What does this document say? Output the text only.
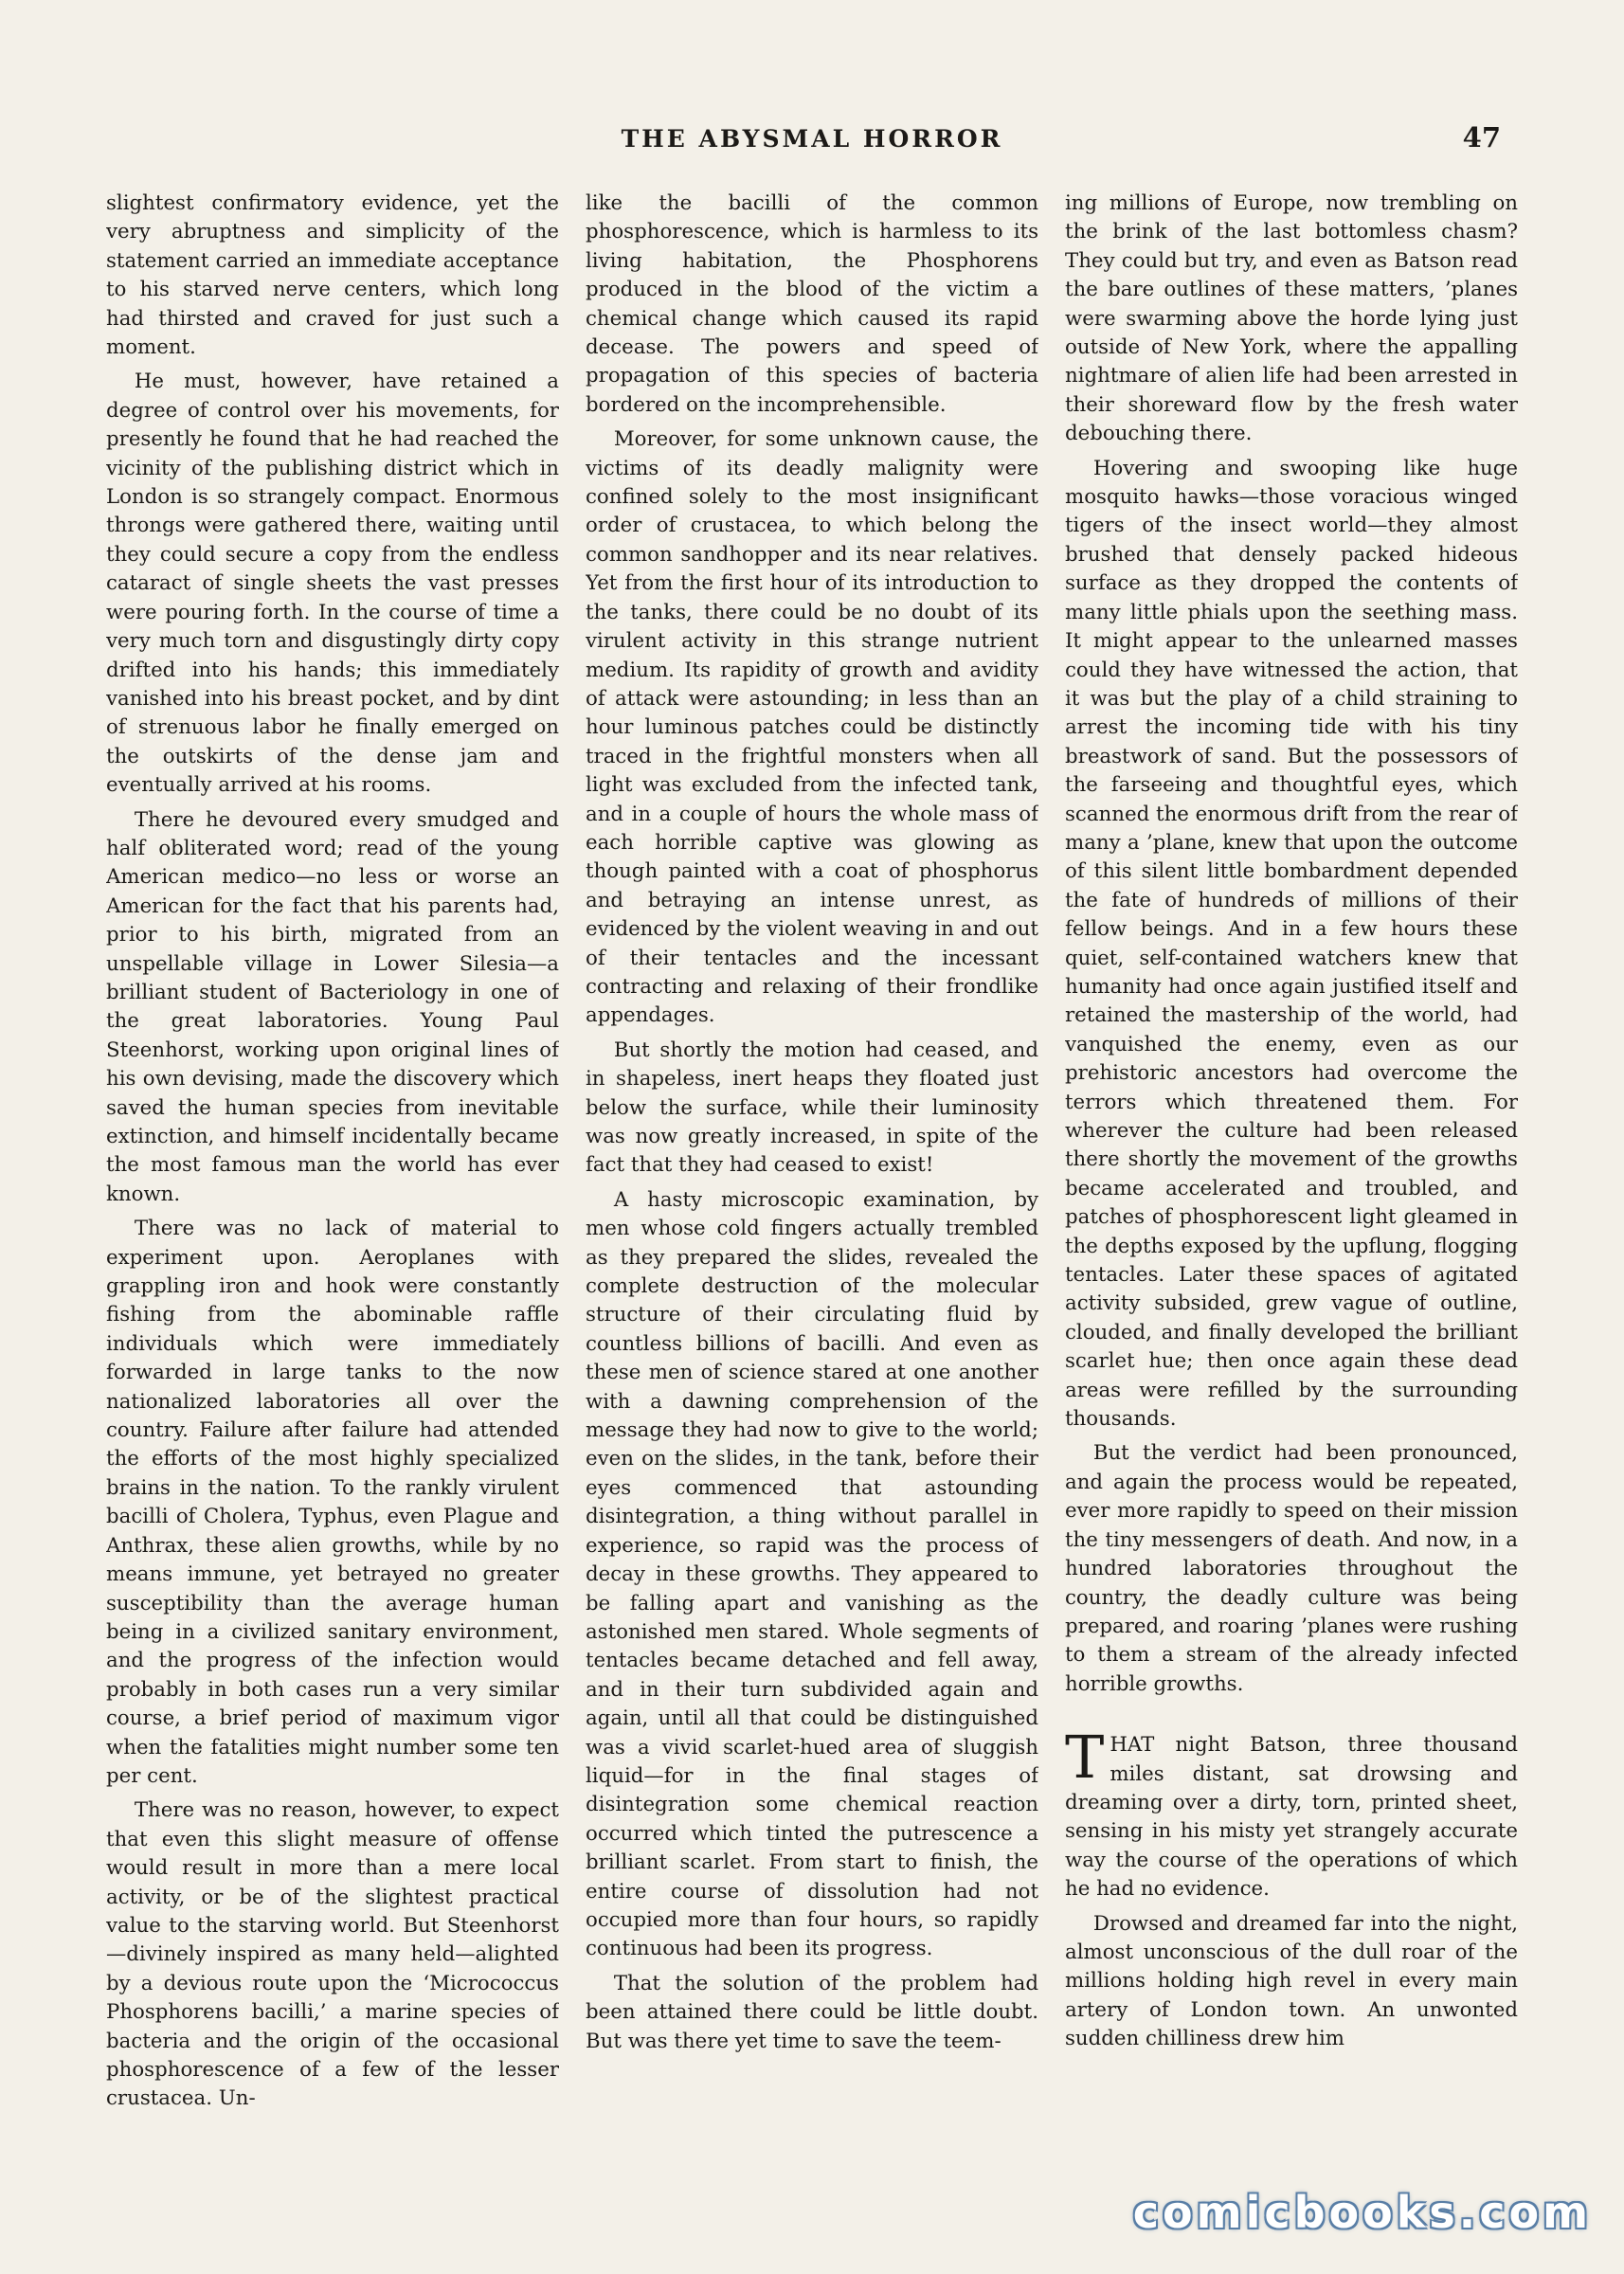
THE ABYSMAL HORROR	47

slightest confirmatory evidence, yet the very abruptness and simplicity of the statement carried an immediate acceptance to his starved nerve centers, which long had thirsted and craved for just such a moment.

He must, however, have retained a degree of control over his movements, for presently he found that he had reached the vicinity of the publishing district which in London is so strangely compact. Enormous throngs were gathered there, waiting until they could secure a copy from the endless cataract of single sheets the vast presses were pouring forth. In the course of time a very much torn and disgustingly dirty copy drifted into his hands; this immediately vanished into his breast pocket, and by dint of strenuous labor he finally emerged on the outskirts of the dense jam and eventually arrived at his rooms.

There he devoured every smudged and half obliterated word; read of the young American medico—no less or worse an American for the fact that his parents had, prior to his birth, migrated from an unspellable village in Lower Silesia—a brilliant student of Bacteriology in one of the great laboratories. Young Paul Steenhorst, working upon original lines of his own devising, made the discovery which saved the human species from inevitable extinction, and himself incidentally became the most famous man the world has ever known.

There was no lack of material to experiment upon. Aeroplanes with grappling iron and hook were constantly fishing from the abominable raffle individuals which were immediately forwarded in large tanks to the now nationalized laboratories all over the country. Failure after failure had attended the efforts of the most highly specialized brains in the nation. To the rankly virulent bacilli of Cholera, Typhus, even Plague and Anthrax, these alien growths, while by no means immune, yet betrayed no greater susceptibility than the average human being in a civilized sanitary environment, and the progress of the infection would probably in both cases run a very similar course, a brief period of maximum vigor when the fatalities might number some ten per cent.

There was no reason, however, to expect that even this slight measure of offense would result in more than a mere local activity, or be of the slightest practical value to the starving world. But Steenhorst—divinely inspired as many held—alighted by a devious route upon the ‘Micrococcus Phosphorens bacilli,’ a marine species of bacteria and the origin of the occasional phosphorescence of a few of the lesser crustacea. Un-

like the bacilli of the common phosphorescence, which is harmless to its living habitation, the Phosphorens produced in the blood of the victim a chemical change which caused its rapid decease. The powers and speed of propagation of this species of bacteria bordered on the incomprehensible.

Moreover, for some unknown cause, the victims of its deadly malignity were confined solely to the most insignificant order of crustacea, to which belong the common sandhopper and its near relatives. Yet from the first hour of its introduction to the tanks, there could be no doubt of its virulent activity in this strange nutrient medium. Its rapidity of growth and avidity of attack were astounding; in less than an hour luminous patches could be distinctly traced in the frightful monsters when all light was excluded from the infected tank, and in a couple of hours the whole mass of each horrible captive was glowing as though painted with a coat of phosphorus and betraying an intense unrest, as evidenced by the violent weaving in and out of their tentacles and the incessant contracting and relaxing of their frondlike appendages.

But shortly the motion had ceased, and in shapeless, inert heaps they floated just below the surface, while their luminosity was now greatly increased, in spite of the fact that they had ceased to exist!

A hasty microscopic examination, by men whose cold fingers actually trembled as they prepared the slides, revealed the complete destruction of the molecular structure of their circulating fluid by countless billions of bacilli. And even as these men of science stared at one another with a dawning comprehension of the message they had now to give to the world; even on the slides, in the tank, before their eyes commenced that astounding disintegration, a thing without parallel in experience, so rapid was the process of decay in these growths. They appeared to be falling apart and vanishing as the astonished men stared. Whole segments of tentacles became detached and fell away, and in their turn subdivided again and again, until all that could be distinguished was a vivid scarlet-hued area of sluggish liquid—for in the final stages of disintegration some chemical reaction occurred which tinted the putrescence a brilliant scarlet. From start to finish, the entire course of dissolution had not occupied more than four hours, so rapidly continuous had been its progress.

That the solution of the problem had been attained there could be little doubt. But was there yet time to save the teem-

ing millions of Europe, now trembling on the brink of the last bottomless chasm? They could but try, and even as Batson read the bare outlines of these matters, ’planes were swarming above the horde lying just outside of New York, where the appalling nightmare of alien life had been arrested in their shoreward flow by the fresh water debouching there.

Hovering and swooping like huge mosquito hawks—those voracious winged tigers of the insect world—they almost brushed that densely packed hideous surface as they dropped the contents of many little phials upon the seething mass. It might appear to the unlearned masses could they have witnessed the action, that it was but the play of a child straining to arrest the incoming tide with his tiny breastwork of sand. But the possessors of the farseeing and thoughtful eyes, which scanned the enormous drift from the rear of many a ’plane, knew that upon the outcome of this silent little bombardment depended the fate of hundreds of millions of their fellow beings. And in a few hours these quiet, self-contained watchers knew that humanity had once again justified itself and retained the mastership of the world, had vanquished the enemy, even as our prehistoric ancestors had overcome the terrors which threatened them. For wherever the culture had been released there shortly the movement of the growths became accelerated and troubled, and patches of phosphorescent light gleamed in the depths exposed by the upflung, flogging tentacles. Later these spaces of agitated activity subsided, grew vague of outline, clouded, and finally developed the brilliant scarlet hue; then once again these dead areas were refilled by the surrounding thousands.

But the verdict had been pronounced, and again the process would be repeated, ever more rapidly to speed on their mission the tiny messengers of death. And now, in a hundred laboratories throughout the country, the deadly culture was being prepared, and roaring ’planes were rushing to them a stream of the already infected horrible growths.

THAT night Batson, three thousand miles distant, sat drowsing and dreaming over a dirty, torn, printed sheet, sensing in his misty yet strangely accurate way the course of the operations of which he had no evidence.

Drowsed and dreamed far into the night, almost unconscious of the dull roar of the millions holding high revel in every main artery of London town. An unwonted sudden chilliness drew him

comicbooks.com
